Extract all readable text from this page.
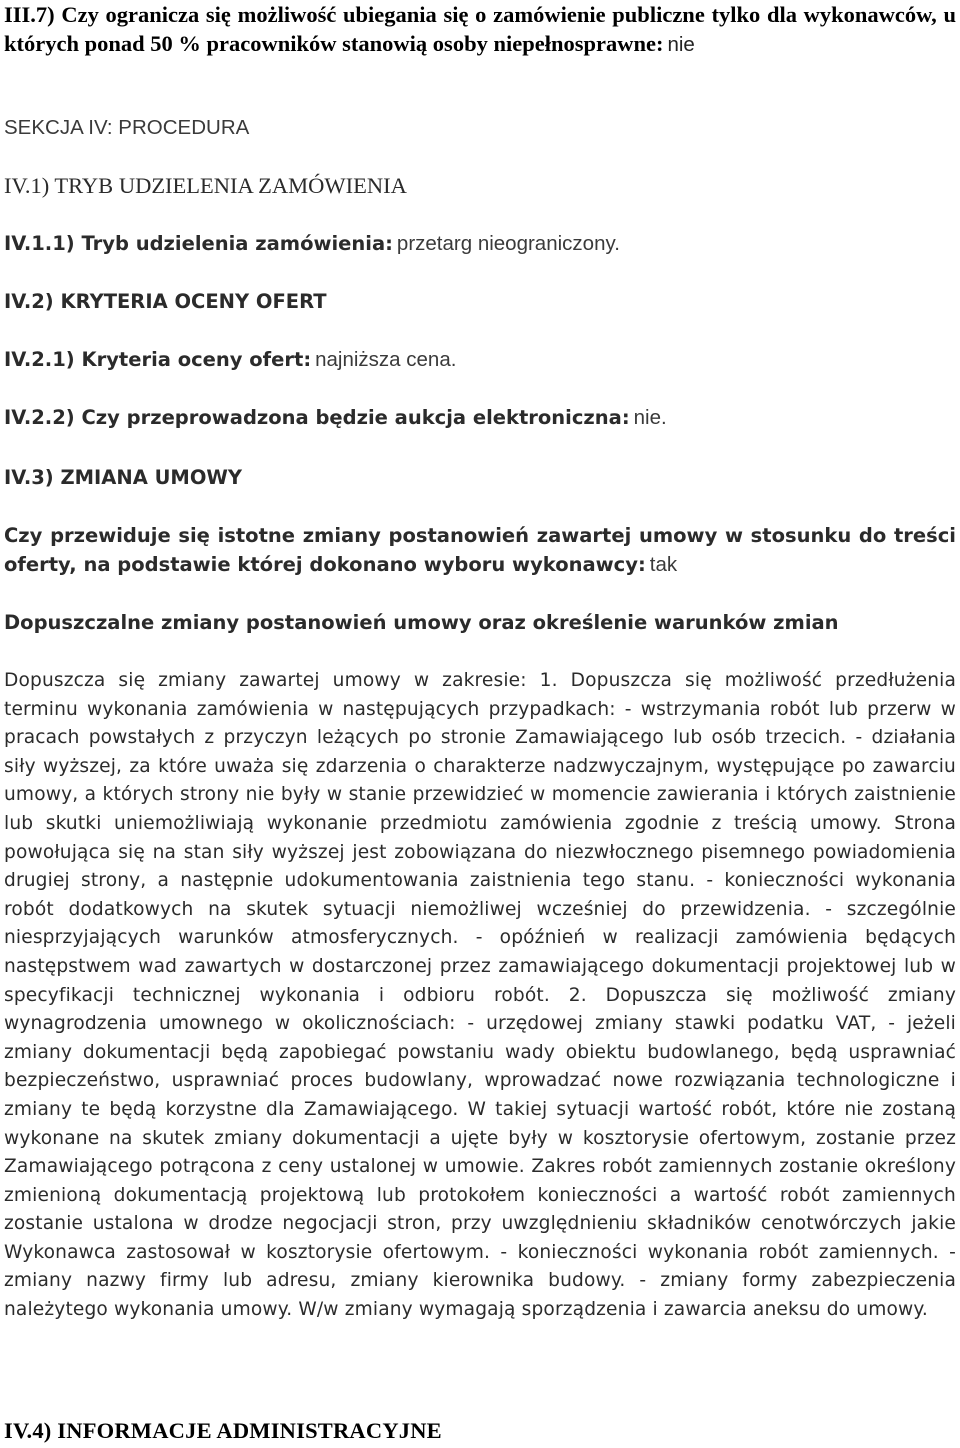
III.7) Czy ogranicza się możliwość ubiegania się o zamówienie publiczne tylko dla wykonawców, u których ponad 50 % pracowników stanowią osoby niepełnosprawne: nie
SEKCJA IV: PROCEDURA
IV.1) TRYB UDZIELENIA ZAMÓWIENIA
IV.1.1) Tryb udzielenia zamówienia: przetarg nieograniczony.
IV.2) KRYTERIA OCENY OFERT
IV.2.1) Kryteria oceny ofert: najniższa cena.
IV.2.2) Czy przeprowadzona będzie aukcja elektroniczna: nie.
IV.3) ZMIANA UMOWY
Czy przewiduje się istotne zmiany postanowień zawartej umowy w stosunku do treści oferty, na podstawie której dokonano wyboru wykonawcy: tak
Dopuszczalne zmiany postanowień umowy oraz określenie warunków zmian
Dopuszcza się zmiany zawartej umowy w zakresie: 1. Dopuszcza się możliwość przedłużenia terminu wykonania zamówienia w następujących przypadkach: - wstrzymania robót lub przerw w pracach powstałych z przyczyn leżących po stronie Zamawiającego lub osób trzecich. - działania siły wyższej, za które uważa się zdarzenia o charakterze nadzwyczajnym, występujące po zawarciu umowy, a których strony nie były w stanie przewidzieć w momencie zawierania i których zaistnienie lub skutki uniemożliwiają wykonanie przedmiotu zamówienia zgodnie z treścią umowy. Strona powołująca się na stan siły wyższej jest zobowiązana do niezwłocznego pisemnego powiadomienia drugiej strony, a następnie udokumentowania zaistnienia tego stanu. - konieczności wykonania robót dodatkowych na skutek sytuacji niemożliwej wcześniej do przewidzenia. - szczególnie niesprzyjających warunków atmosferycznych. - opóźnień w realizacji zamówienia będących następstwem wad zawartych w dostarczonej przez zamawiającego dokumentacji projektowej lub w specyfikacji technicznej wykonania i odbioru robót. 2. Dopuszcza się możliwość zmiany wynagrodzenia umownego w okolicznościach: - urzędowej zmiany stawki podatku VAT, - jeżeli zmiany dokumentacji będą zapobiegać powstaniu wady obiektu budowlanego, będą usprawniać bezpieczeństwo, usprawniać proces budowlany, wprowadzać nowe rozwiązania technologiczne i zmiany te będą korzystne dla Zamawiającego. W takiej sytuacji wartość robót, które nie zostaną wykonane na skutek zmiany dokumentacji a ujęte były w kosztorysie ofertowym, zostanie przez Zamawiającego potrącona z ceny ustalonej w umowie. Zakres robót zamiennych zostanie określony zmienioną dokumentacją projektową lub protokołem konieczności a wartość robót zamiennych zostanie ustalona w drodze negocjacji stron, przy uwzględnieniu składników cenotwórczych jakie Wykonawca zastosował w kosztorysie ofertowym. - konieczności wykonania robót zamiennych. - zmiany nazwy firmy lub adresu, zmiany kierownika budowy. - zmiany formy zabezpieczenia należytego wykonania umowy. W/w zmiany wymagają sporządzenia i zawarcia aneksu do umowy.
IV.4) INFORMACJE ADMINISTRACYJNE
